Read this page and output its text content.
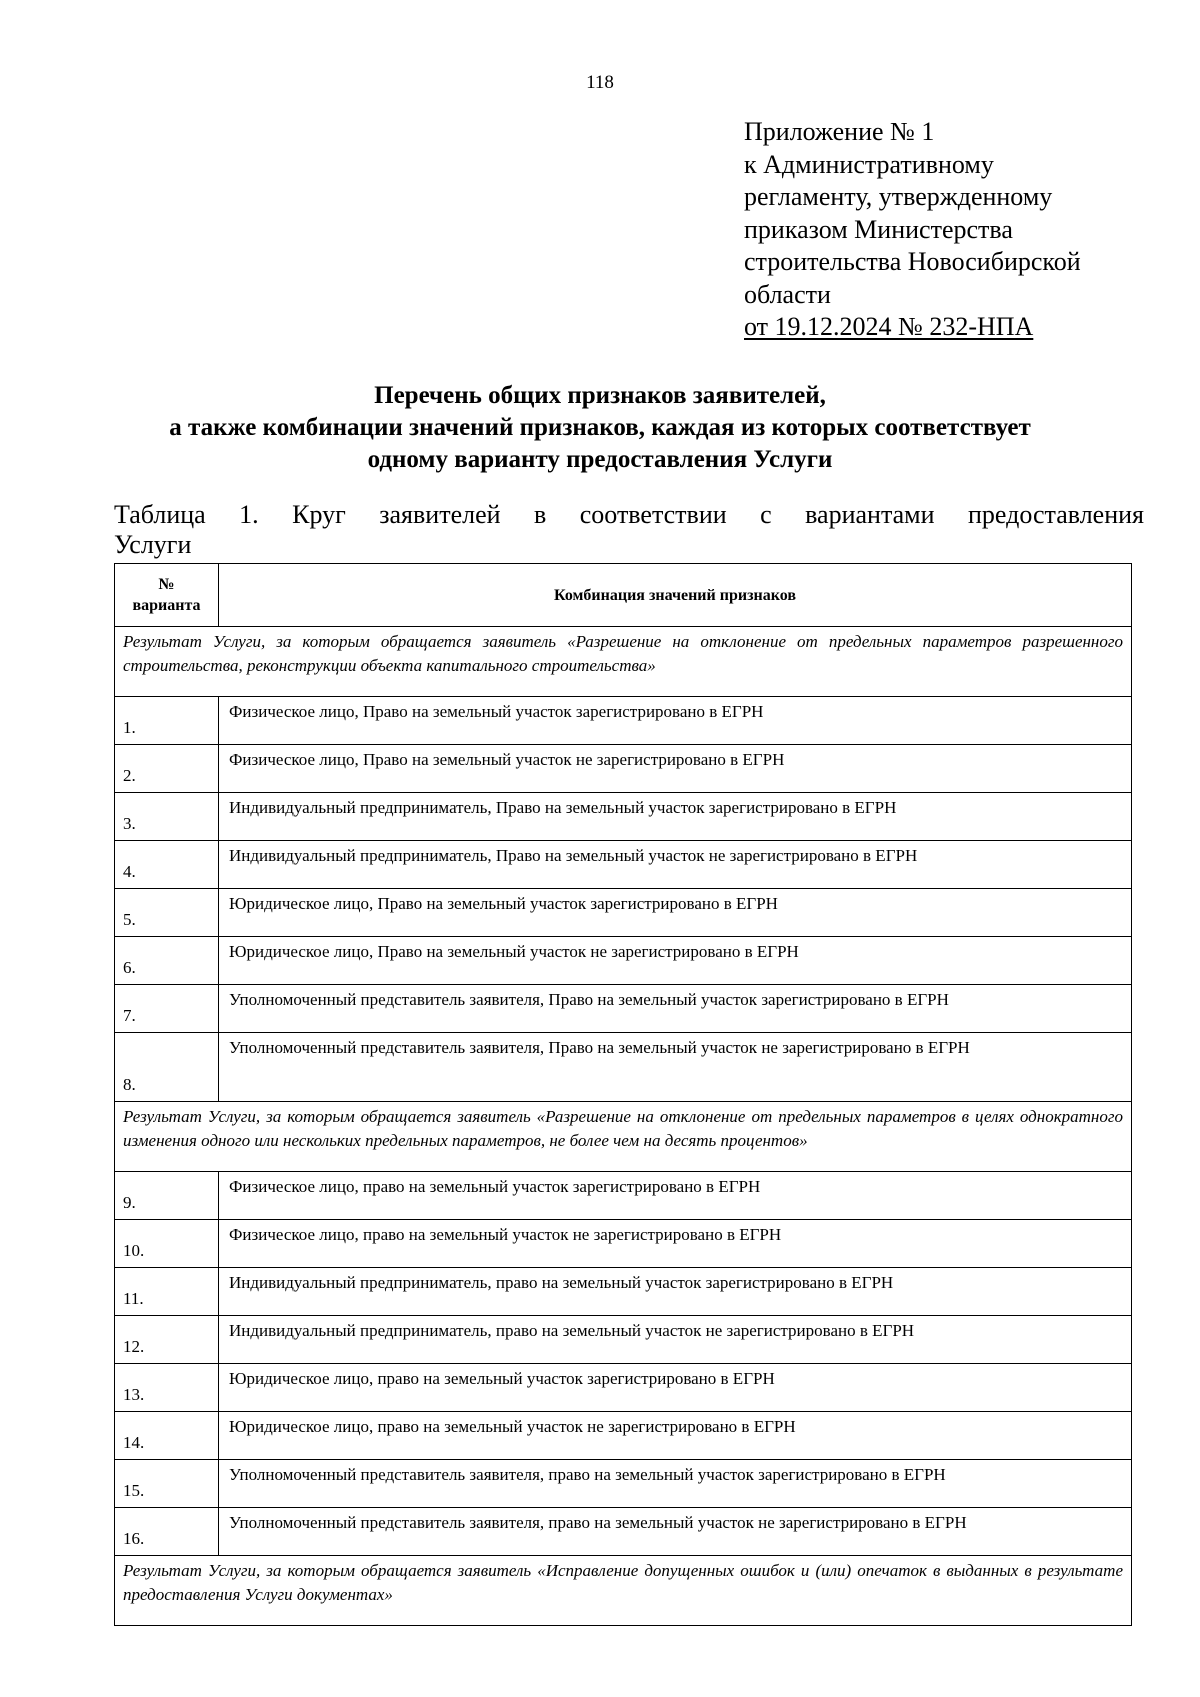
118
Приложение № 1
к Административному
регламенту, утвержденному
приказом Министерства
строительства Новосибирской
области
от 19.12.2024 № 232-НПА
Перечень общих признаков заявителей,
а также комбинации значений признаков, каждая из которых соответствует
одному варианту предоставления Услуги
Таблица 1. Круг заявителей в соответствии с вариантами предоставления
Услуги
№
варианта	Комбинация значений признаков
Результат Услуги, за которым обращается заявитель «Разрешение на отклонение от предельных параметров разрешенного строительства, реконструкции объекта капитального строительства»	
1.	Физическое лицо, Право на земельный участок зарегистрировано в ЕГРН
2.	Физическое лицо, Право на земельный участок не зарегистрировано в ЕГРН
3.	Индивидуальный предприниматель, Право на земельный участок зарегистрировано в ЕГРН
4.	Индивидуальный предприниматель, Право на земельный участок не зарегистрировано в ЕГРН
5.	Юридическое лицо, Право на земельный участок зарегистрировано в ЕГРН
6.	Юридическое лицо, Право на земельный участок не зарегистрировано в ЕГРН
7.	Уполномоченный представитель заявителя, Право на земельный участок зарегистрировано в ЕГРН
8.	Уполномоченный представитель заявителя, Право на земельный участок не зарегистрировано в ЕГРН
Результат Услуги, за которым обращается заявитель «Разрешение на отклонение от предельных параметров в целях однократного изменения одного или нескольких предельных параметров, не более чем на десять процентов»	
9.	Физическое лицо, право на земельный участок зарегистрировано в ЕГРН
10.	Физическое лицо, право на земельный участок не зарегистрировано в ЕГРН
11.	Индивидуальный предприниматель, право на земельный участок зарегистрировано в ЕГРН
12.	Индивидуальный предприниматель, право на земельный участок не зарегистрировано в ЕГРН
13.	Юридическое лицо, право на земельный участок зарегистрировано в ЕГРН
14.	Юридическое лицо, право на земельный участок не зарегистрировано в ЕГРН
15.	Уполномоченный представитель заявителя, право на земельный участок зарегистрировано в ЕГРН
16.	Уполномоченный представитель заявителя, право на земельный участок не зарегистрировано в ЕГРН
Результат Услуги, за которым обращается заявитель «Исправление допущенных ошибок и (или) опечаток в выданных в результате предоставления Услуги документах»	
